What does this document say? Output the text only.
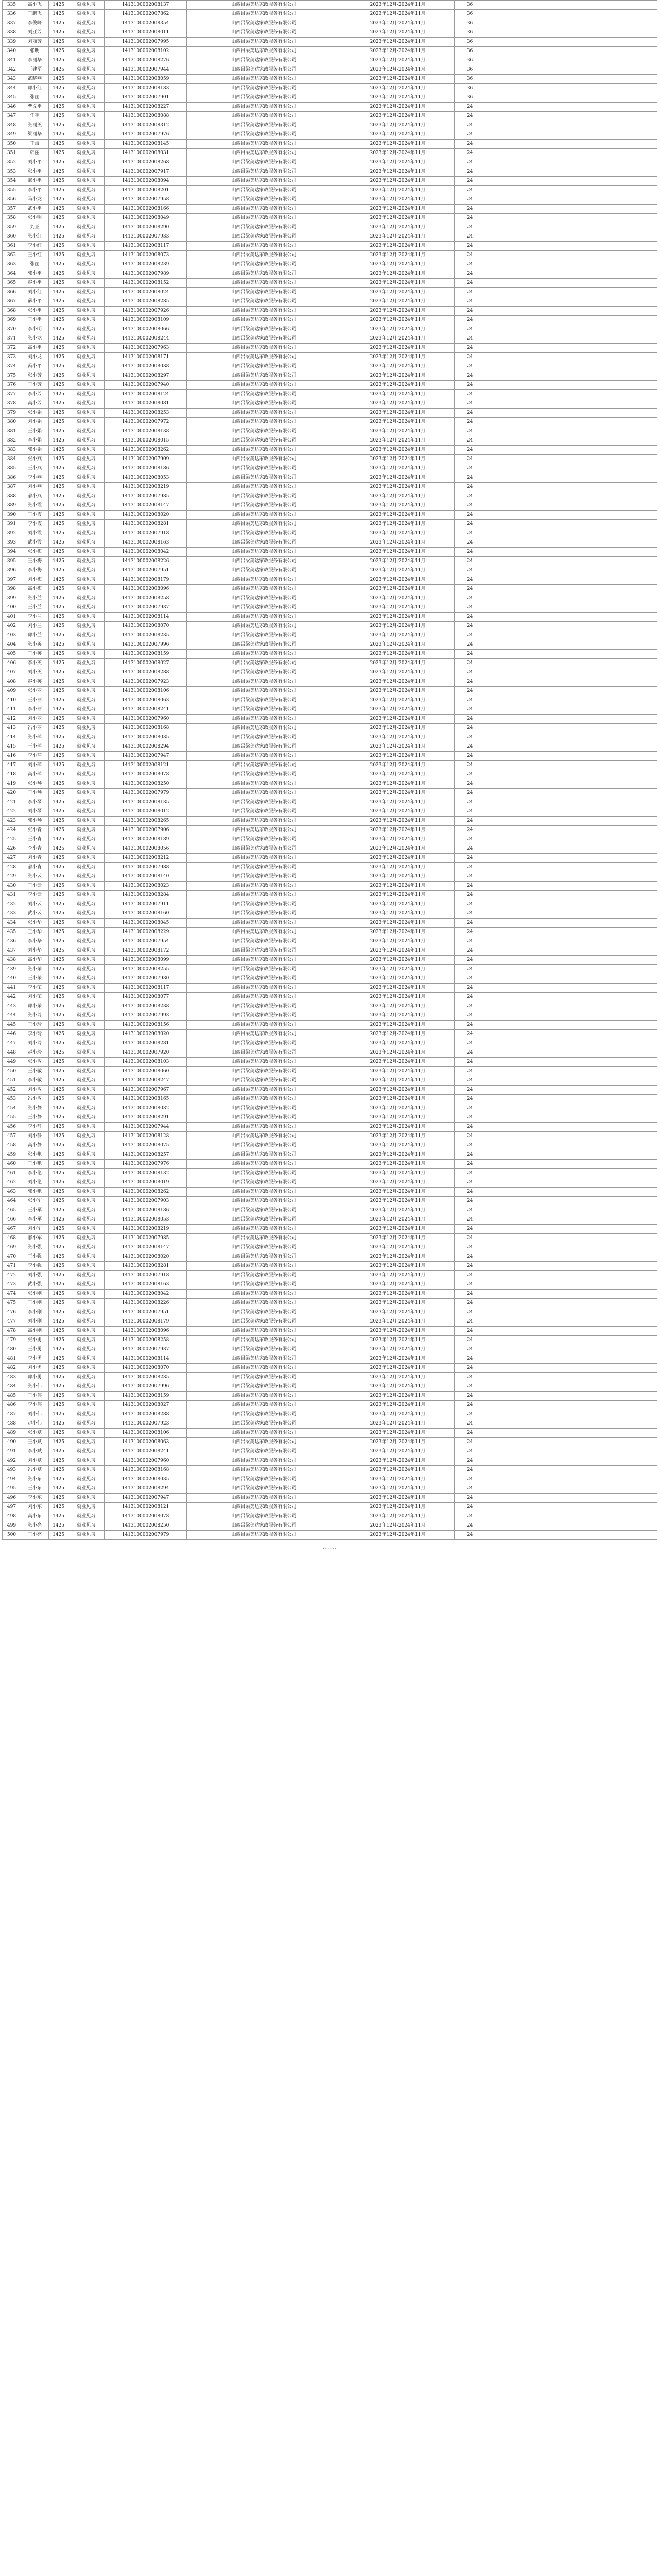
335	高小飞	1425	就业见习	1413100002008137	山西吕梁美达家政服务有限公司	2023年12月-2024年11月	36	
336	王鹏飞	1425	就业见习	1413100002007862	山西吕梁美达家政服务有限公司	2023年12月-2024年11月	36	
337	李俊峰	1425	就业见习	1413100002008354	山西吕梁美达家政服务有限公司	2023年12月-2024年11月	36	
338	刘亚芳	1425	就业见习	1413100002008011	山西吕梁美达家政服务有限公司	2023年12月-2024年11月	36	
339	刘丽芳	1425	就业见习	1413100002007995	山西吕梁美达家政服务有限公司	2023年12月-2024年11月	36	
340	张明	1425	就业见习	1413100002008102	山西吕梁美达家政服务有限公司	2023年12月-2024年11月	36	
341	李丽华	1425	就业见习	1413100002008276	山西吕梁美达家政服务有限公司	2023年12月-2024年11月	36	
342	王建军	1425	就业见习	1413100002007944	山西吕梁美达家政服务有限公司	2023年12月-2024年11月	36	
343	武晓燕	1425	就业见习	1413100002008059	山西吕梁美达家政服务有限公司	2023年12月-2024年11月	36	
344	郭小红	1425	就业见习	1413100002008183	山西吕梁美达家政服务有限公司	2023年12月-2024年11月	36	
345	张丽	1425	就业见习	1413100002007901	山西吕梁美达家政服务有限公司	2023年12月-2024年11月	36	
346	曹文平	1425	就业见习	1413100002008227	山西吕梁美达家政服务有限公司	2023年12月-2024年11月	24	
347	任宇	1425	就业见习	1413100002008088	山西吕梁美达家政服务有限公司	2023年12月-2024年11月	24	
348	张丽英	1425	就业见习	1413100002008312	山西吕梁美达家政服务有限公司	2023年12月-2024年11月	24	
349	梁丽华	1425	就业见习	1413100002007976	山西吕梁美达家政服务有限公司	2023年12月-2024年11月	24	
350	王海	1425	就业见习	1413100002008145	山西吕梁美达家政服务有限公司	2023年12月-2024年11月	24	
351	韩丽	1425	就业见习	1413100002008031	山西吕梁美达家政服务有限公司	2023年12月-2024年11月	24	
352	刘小平	1425	就业见习	1413100002008268	山西吕梁美达家政服务有限公司	2023年12月-2024年11月	24	
353	张小平	1425	就业见习	1413100002007917	山西吕梁美达家政服务有限公司	2023年12月-2024年11月	24	
354	郝小平	1425	就业见习	1413100002008094	山西吕梁美达家政服务有限公司	2023年12月-2024年11月	24	
355	李小平	1425	就业见习	1413100002008201	山西吕梁美达家政服务有限公司	2023年12月-2024年11月	24	
356	马小龙	1425	就业见习	1413100002007958	山西吕梁美达家政服务有限公司	2023年12月-2024年11月	24	
357	武小平	1425	就业见习	1413100002008166	山西吕梁美达家政服务有限公司	2023年12月-2024年11月	24	
358	张小明	1425	就业见习	1413100002008049	山西吕梁美达家政服务有限公司	2023年12月-2024年11月	24	
359	刘亚	1425	就业见习	1413100002008290	山西吕梁美达家政服务有限公司	2023年12月-2024年11月	24	
360	张小红	1425	就业见习	1413100002007933	山西吕梁美达家政服务有限公司	2023年12月-2024年11月	24	
361	李小红	1425	就业见习	1413100002008117	山西吕梁美达家政服务有限公司	2023年12月-2024年11月	24	
362	王小红	1425	就业见习	1413100002008073	山西吕梁美达家政服务有限公司	2023年12月-2024年11月	24	
363	张丽	1425	就业见习	1413100002008239	山西吕梁美达家政服务有限公司	2023年12月-2024年11月	24	
364	郭小平	1425	就业见习	1413100002007989	山西吕梁美达家政服务有限公司	2023年12月-2024年11月	24	
365	赵小平	1425	就业见习	1413100002008152	山西吕梁美达家政服务有限公司	2023年12月-2024年11月	24	
366	刘小红	1425	就业见习	1413100002008024	山西吕梁美达家政服务有限公司	2023年12月-2024年11月	24	
367	薛小平	1425	就业见习	1413100002008285	山西吕梁美达家政服务有限公司	2023年12月-2024年11月	24	
368	张小平	1425	就业见习	1413100002007926	山西吕梁美达家政服务有限公司	2023年12月-2024年11月	24	
369	王小平	1425	就业见习	1413100002008109	山西吕梁美达家政服务有限公司	2023年12月-2024年11月	24	
370	李小明	1425	就业见习	1413100002008066	山西吕梁美达家政服务有限公司	2023年12月-2024年11月	24	
371	张小龙	1425	就业见习	1413100002008244	山西吕梁美达家政服务有限公司	2023年12月-2024年11月	24	
372	高小平	1425	就业见习	1413100002007963	山西吕梁美达家政服务有限公司	2023年12月-2024年11月	24	
373	刘小龙	1425	就业见习	1413100002008171	山西吕梁美达家政服务有限公司	2023年12月-2024年11月	24	
374	冯小平	1425	就业见习	1413100002008038	山西吕梁美达家政服务有限公司	2023年12月-2024年11月	24	
375	张小芳	1425	就业见习	1413100002008297	山西吕梁美达家政服务有限公司	2023年12月-2024年11月	24	
376	王小芳	1425	就业见习	1413100002007940	山西吕梁美达家政服务有限公司	2023年12月-2024年11月	24	
377	李小芳	1425	就业见习	1413100002008124	山西吕梁美达家政服务有限公司	2023年12月-2024年11月	24	
378	高小芳	1425	就业见习	1413100002008081	山西吕梁美达家政服务有限公司	2023年12月-2024年11月	24	
379	张小娟	1425	就业见习	1413100002008253	山西吕梁美达家政服务有限公司	2023年12月-2024年11月	24	
380	刘小娟	1425	就业见习	1413100002007972	山西吕梁美达家政服务有限公司	2023年12月-2024年11月	24	
381	王小娟	1425	就业见习	1413100002008138	山西吕梁美达家政服务有限公司	2023年12月-2024年11月	24	
382	李小娟	1425	就业见习	1413100002008015	山西吕梁美达家政服务有限公司	2023年12月-2024年11月	24	
383	郭小娟	1425	就业见习	1413100002008262	山西吕梁美达家政服务有限公司	2023年12月-2024年11月	24	
384	张小燕	1425	就业见习	1413100002007909	山西吕梁美达家政服务有限公司	2023年12月-2024年11月	24	
385	王小燕	1425	就业见习	1413100002008186	山西吕梁美达家政服务有限公司	2023年12月-2024年11月	24	
386	李小燕	1425	就业见习	1413100002008053	山西吕梁美达家政服务有限公司	2023年12月-2024年11月	24	
387	刘小燕	1425	就业见习	1413100002008219	山西吕梁美达家政服务有限公司	2023年12月-2024年11月	24	
388	郝小燕	1425	就业见习	1413100002007985	山西吕梁美达家政服务有限公司	2023年12月-2024年11月	24	
389	张小霞	1425	就业见习	1413100002008147	山西吕梁美达家政服务有限公司	2023年12月-2024年11月	24	
390	王小霞	1425	就业见习	1413100002008020	山西吕梁美达家政服务有限公司	2023年12月-2024年11月	24	
391	李小霞	1425	就业见习	1413100002008281	山西吕梁美达家政服务有限公司	2023年12月-2024年11月	24	
392	刘小霞	1425	就业见习	1413100002007918	山西吕梁美达家政服务有限公司	2023年12月-2024年11月	24	
393	武小霞	1425	就业见习	1413100002008163	山西吕梁美达家政服务有限公司	2023年12月-2024年11月	24	
394	张小梅	1425	就业见习	1413100002008042	山西吕梁美达家政服务有限公司	2023年12月-2024年11月	24	
395	王小梅	1425	就业见习	1413100002008226	山西吕梁美达家政服务有限公司	2023年12月-2024年11月	24	
396	李小梅	1425	就业见习	1413100002007951	山西吕梁美达家政服务有限公司	2023年12月-2024年11月	24	
397	刘小梅	1425	就业见习	1413100002008179	山西吕梁美达家政服务有限公司	2023年12月-2024年11月	24	
398	高小梅	1425	就业见习	1413100002008096	山西吕梁美达家政服务有限公司	2023年12月-2024年11月	24	
399	张小兰	1425	就业见习	1413100002008258	山西吕梁美达家政服务有限公司	2023年12月-2024年11月	24	
400	王小兰	1425	就业见习	1413100002007937	山西吕梁美达家政服务有限公司	2023年12月-2024年11月	24	
401	李小兰	1425	就业见习	1413100002008114	山西吕梁美达家政服务有限公司	2023年12月-2024年11月	24	
402	刘小兰	1425	就业见习	1413100002008070	山西吕梁美达家政服务有限公司	2023年12月-2024年11月	24	
403	郭小兰	1425	就业见习	1413100002008235	山西吕梁美达家政服务有限公司	2023年12月-2024年11月	24	
404	张小英	1425	就业见习	1413100002007996	山西吕梁美达家政服务有限公司	2023年12月-2024年11月	24	
405	王小英	1425	就业见习	1413100002008159	山西吕梁美达家政服务有限公司	2023年12月-2024年11月	24	
406	李小英	1425	就业见习	1413100002008027	山西吕梁美达家政服务有限公司	2023年12月-2024年11月	24	
407	刘小英	1425	就业见习	1413100002008288	山西吕梁美达家政服务有限公司	2023年12月-2024年11月	24	
408	赵小英	1425	就业见习	1413100002007923	山西吕梁美达家政服务有限公司	2023年12月-2024年11月	24	
409	张小丽	1425	就业见习	1413100002008106	山西吕梁美达家政服务有限公司	2023年12月-2024年11月	24	
410	王小丽	1425	就业见习	1413100002008063	山西吕梁美达家政服务有限公司	2023年12月-2024年11月	24	
411	李小丽	1425	就业见习	1413100002008241	山西吕梁美达家政服务有限公司	2023年12月-2024年11月	24	
412	刘小丽	1425	就业见习	1413100002007960	山西吕梁美达家政服务有限公司	2023年12月-2024年11月	24	
413	冯小丽	1425	就业见习	1413100002008168	山西吕梁美达家政服务有限公司	2023年12月-2024年11月	24	
414	张小萍	1425	就业见习	1413100002008035	山西吕梁美达家政服务有限公司	2023年12月-2024年11月	24	
415	王小萍	1425	就业见习	1413100002008294	山西吕梁美达家政服务有限公司	2023年12月-2024年11月	24	
416	李小萍	1425	就业见习	1413100002007947	山西吕梁美达家政服务有限公司	2023年12月-2024年11月	24	
417	刘小萍	1425	就业见习	1413100002008121	山西吕梁美达家政服务有限公司	2023年12月-2024年11月	24	
418	高小萍	1425	就业见习	1413100002008078	山西吕梁美达家政服务有限公司	2023年12月-2024年11月	24	
419	张小琴	1425	就业见习	1413100002008250	山西吕梁美达家政服务有限公司	2023年12月-2024年11月	24	
420	王小琴	1425	就业见习	1413100002007979	山西吕梁美达家政服务有限公司	2023年12月-2024年11月	24	
421	李小琴	1425	就业见习	1413100002008135	山西吕梁美达家政服务有限公司	2023年12月-2024年11月	24	
422	刘小琴	1425	就业见习	1413100002008012	山西吕梁美达家政服务有限公司	2023年12月-2024年11月	24	
423	郭小琴	1425	就业见习	1413100002008265	山西吕梁美达家政服务有限公司	2023年12月-2024年11月	24	
424	张小青	1425	就业见习	1413100002007906	山西吕梁美达家政服务有限公司	2023年12月-2024年11月	24	
425	王小青	1425	就业见习	1413100002008189	山西吕梁美达家政服务有限公司	2023年12月-2024年11月	24	
426	李小青	1425	就业见习	1413100002008056	山西吕梁美达家政服务有限公司	2023年12月-2024年11月	24	
427	刘小青	1425	就业见习	1413100002008212	山西吕梁美达家政服务有限公司	2023年12月-2024年11月	24	
428	郝小青	1425	就业见习	1413100002007988	山西吕梁美达家政服务有限公司	2023年12月-2024年11月	24	
429	张小云	1425	就业见习	1413100002008140	山西吕梁美达家政服务有限公司	2023年12月-2024年11月	24	
430	王小云	1425	就业见习	1413100002008023	山西吕梁美达家政服务有限公司	2023年12月-2024年11月	24	
431	李小云	1425	就业见习	1413100002008284	山西吕梁美达家政服务有限公司	2023年12月-2024年11月	24	
432	刘小云	1425	就业见习	1413100002007911	山西吕梁美达家政服务有限公司	2023年12月-2024年11月	24	
433	武小云	1425	就业见习	1413100002008160	山西吕梁美达家政服务有限公司	2023年12月-2024年11月	24	
434	张小华	1425	就业见习	1413100002008045	山西吕梁美达家政服务有限公司	2023年12月-2024年11月	24	
435	王小华	1425	就业见习	1413100002008229	山西吕梁美达家政服务有限公司	2023年12月-2024年11月	24	
436	李小华	1425	就业见习	1413100002007954	山西吕梁美达家政服务有限公司	2023年12月-2024年11月	24	
437	刘小华	1425	就业见习	1413100002008172	山西吕梁美达家政服务有限公司	2023年12月-2024年11月	24	
438	高小华	1425	就业见习	1413100002008099	山西吕梁美达家政服务有限公司	2023年12月-2024年11月	24	
439	张小荣	1425	就业见习	1413100002008255	山西吕梁美达家政服务有限公司	2023年12月-2024年11月	24	
440	王小荣	1425	就业见习	1413100002007930	山西吕梁美达家政服务有限公司	2023年12月-2024年11月	24	
441	李小荣	1425	就业见习	1413100002008117	山西吕梁美达家政服务有限公司	2023年12月-2024年11月	24	
442	刘小荣	1425	就业见习	1413100002008077	山西吕梁美达家政服务有限公司	2023年12月-2024年11月	24	
443	郭小荣	1425	就业见习	1413100002008238	山西吕梁美达家政服务有限公司	2023年12月-2024年11月	24	
444	张小玲	1425	就业见习	1413100002007993	山西吕梁美达家政服务有限公司	2023年12月-2024年11月	24	
445	王小玲	1425	就业见习	1413100002008156	山西吕梁美达家政服务有限公司	2023年12月-2024年11月	24	
446	李小玲	1425	就业见习	1413100002008020	山西吕梁美达家政服务有限公司	2023年12月-2024年11月	24	
447	刘小玲	1425	就业见习	1413100002008281	山西吕梁美达家政服务有限公司	2023年12月-2024年11月	24	
448	赵小玲	1425	就业见习	1413100002007920	山西吕梁美达家政服务有限公司	2023年12月-2024年11月	24	
449	张小敏	1425	就业见习	1413100002008103	山西吕梁美达家政服务有限公司	2023年12月-2024年11月	24	
450	王小敏	1425	就业见习	1413100002008060	山西吕梁美达家政服务有限公司	2023年12月-2024年11月	24	
451	李小敏	1425	就业见习	1413100002008247	山西吕梁美达家政服务有限公司	2023年12月-2024年11月	24	
452	刘小敏	1425	就业见习	1413100002007967	山西吕梁美达家政服务有限公司	2023年12月-2024年11月	24	
453	冯小敏	1425	就业见习	1413100002008165	山西吕梁美达家政服务有限公司	2023年12月-2024年11月	24	
454	张小静	1425	就业见习	1413100002008032	山西吕梁美达家政服务有限公司	2023年12月-2024年11月	24	
455	王小静	1425	就业见习	1413100002008291	山西吕梁美达家政服务有限公司	2023年12月-2024年11月	24	
456	李小静	1425	就业见习	1413100002007944	山西吕梁美达家政服务有限公司	2023年12月-2024年11月	24	
457	刘小静	1425	就业见习	1413100002008128	山西吕梁美达家政服务有限公司	2023年12月-2024年11月	24	
458	高小静	1425	就业见习	1413100002008075	山西吕梁美达家政服务有限公司	2023年12月-2024年11月	24	
459	张小艳	1425	就业见习	1413100002008257	山西吕梁美达家政服务有限公司	2023年12月-2024年11月	24	
460	王小艳	1425	就业见习	1413100002007976	山西吕梁美达家政服务有限公司	2023年12月-2024年11月	24	
461	李小艳	1425	就业见习	1413100002008132	山西吕梁美达家政服务有限公司	2023年12月-2024年11月	24	
462	刘小艳	1425	就业见习	1413100002008019	山西吕梁美达家政服务有限公司	2023年12月-2024年11月	24	
463	郭小艳	1425	就业见习	1413100002008262	山西吕梁美达家政服务有限公司	2023年12月-2024年11月	24	
464	张小军	1425	就业见习	1413100002007903	山西吕梁美达家政服务有限公司	2023年12月-2024年11月	24	
465	王小军	1425	就业见习	1413100002008186	山西吕梁美达家政服务有限公司	2023年12月-2024年11月	24	
466	李小军	1425	就业见习	1413100002008053	山西吕梁美达家政服务有限公司	2023年12月-2024年11月	24	
467	刘小军	1425	就业见习	1413100002008219	山西吕梁美达家政服务有限公司	2023年12月-2024年11月	24	
468	郝小军	1425	就业见习	1413100002007985	山西吕梁美达家政服务有限公司	2023年12月-2024年11月	24	
469	张小强	1425	就业见习	1413100002008147	山西吕梁美达家政服务有限公司	2023年12月-2024年11月	24	
470	王小强	1425	就业见习	1413100002008020	山西吕梁美达家政服务有限公司	2023年12月-2024年11月	24	
471	李小强	1425	就业见习	1413100002008281	山西吕梁美达家政服务有限公司	2023年12月-2024年11月	24	
472	刘小强	1425	就业见习	1413100002007918	山西吕梁美达家政服务有限公司	2023年12月-2024年11月	24	
473	武小强	1425	就业见习	1413100002008163	山西吕梁美达家政服务有限公司	2023年12月-2024年11月	24	
474	张小刚	1425	就业见习	1413100002008042	山西吕梁美达家政服务有限公司	2023年12月-2024年11月	24	
475	王小刚	1425	就业见习	1413100002008226	山西吕梁美达家政服务有限公司	2023年12月-2024年11月	24	
476	李小刚	1425	就业见习	1413100002007951	山西吕梁美达家政服务有限公司	2023年12月-2024年11月	24	
477	刘小刚	1425	就业见习	1413100002008179	山西吕梁美达家政服务有限公司	2023年12月-2024年11月	24	
478	高小刚	1425	就业见习	1413100002008096	山西吕梁美达家政服务有限公司	2023年12月-2024年11月	24	
479	张小勇	1425	就业见习	1413100002008258	山西吕梁美达家政服务有限公司	2023年12月-2024年11月	24	
480	王小勇	1425	就业见习	1413100002007937	山西吕梁美达家政服务有限公司	2023年12月-2024年11月	24	
481	李小勇	1425	就业见习	1413100002008114	山西吕梁美达家政服务有限公司	2023年12月-2024年11月	24	
482	刘小勇	1425	就业见习	1413100002008070	山西吕梁美达家政服务有限公司	2023年12月-2024年11月	24	
483	郭小勇	1425	就业见习	1413100002008235	山西吕梁美达家政服务有限公司	2023年12月-2024年11月	24	
484	张小伟	1425	就业见习	1413100002007996	山西吕梁美达家政服务有限公司	2023年12月-2024年11月	24	
485	王小伟	1425	就业见习	1413100002008159	山西吕梁美达家政服务有限公司	2023年12月-2024年11月	24	
486	李小伟	1425	就业见习	1413100002008027	山西吕梁美达家政服务有限公司	2023年12月-2024年11月	24	
487	刘小伟	1425	就业见习	1413100002008288	山西吕梁美达家政服务有限公司	2023年12月-2024年11月	24	
488	赵小伟	1425	就业见习	1413100002007923	山西吕梁美达家政服务有限公司	2023年12月-2024年11月	24	
489	张小斌	1425	就业见习	1413100002008106	山西吕梁美达家政服务有限公司	2023年12月-2024年11月	24	
490	王小斌	1425	就业见习	1413100002008063	山西吕梁美达家政服务有限公司	2023年12月-2024年11月	24	
491	李小斌	1425	就业见习	1413100002008241	山西吕梁美达家政服务有限公司	2023年12月-2024年11月	24	
492	刘小斌	1425	就业见习	1413100002007960	山西吕梁美达家政服务有限公司	2023年12月-2024年11月	24	
493	冯小斌	1425	就业见习	1413100002008168	山西吕梁美达家政服务有限公司	2023年12月-2024年11月	24	
494	张小东	1425	就业见习	1413100002008035	山西吕梁美达家政服务有限公司	2023年12月-2024年11月	24	
495	王小东	1425	就业见习	1413100002008294	山西吕梁美达家政服务有限公司	2023年12月-2024年11月	24	
496	李小东	1425	就业见习	1413100002007947	山西吕梁美达家政服务有限公司	2023年12月-2024年11月	24	
497	刘小东	1425	就业见习	1413100002008121	山西吕梁美达家政服务有限公司	2023年12月-2024年11月	24	
498	高小东	1425	就业见习	1413100002008078	山西吕梁美达家政服务有限公司	2023年12月-2024年11月	24	
499	张小亮	1425	就业见习	1413100002008250	山西吕梁美达家政服务有限公司	2023年12月-2024年11月	24	
500	王小亮	1425	就业见习	1413100002007979	山西吕梁美达家政服务有限公司	2023年12月-2024年11月	24	
……
